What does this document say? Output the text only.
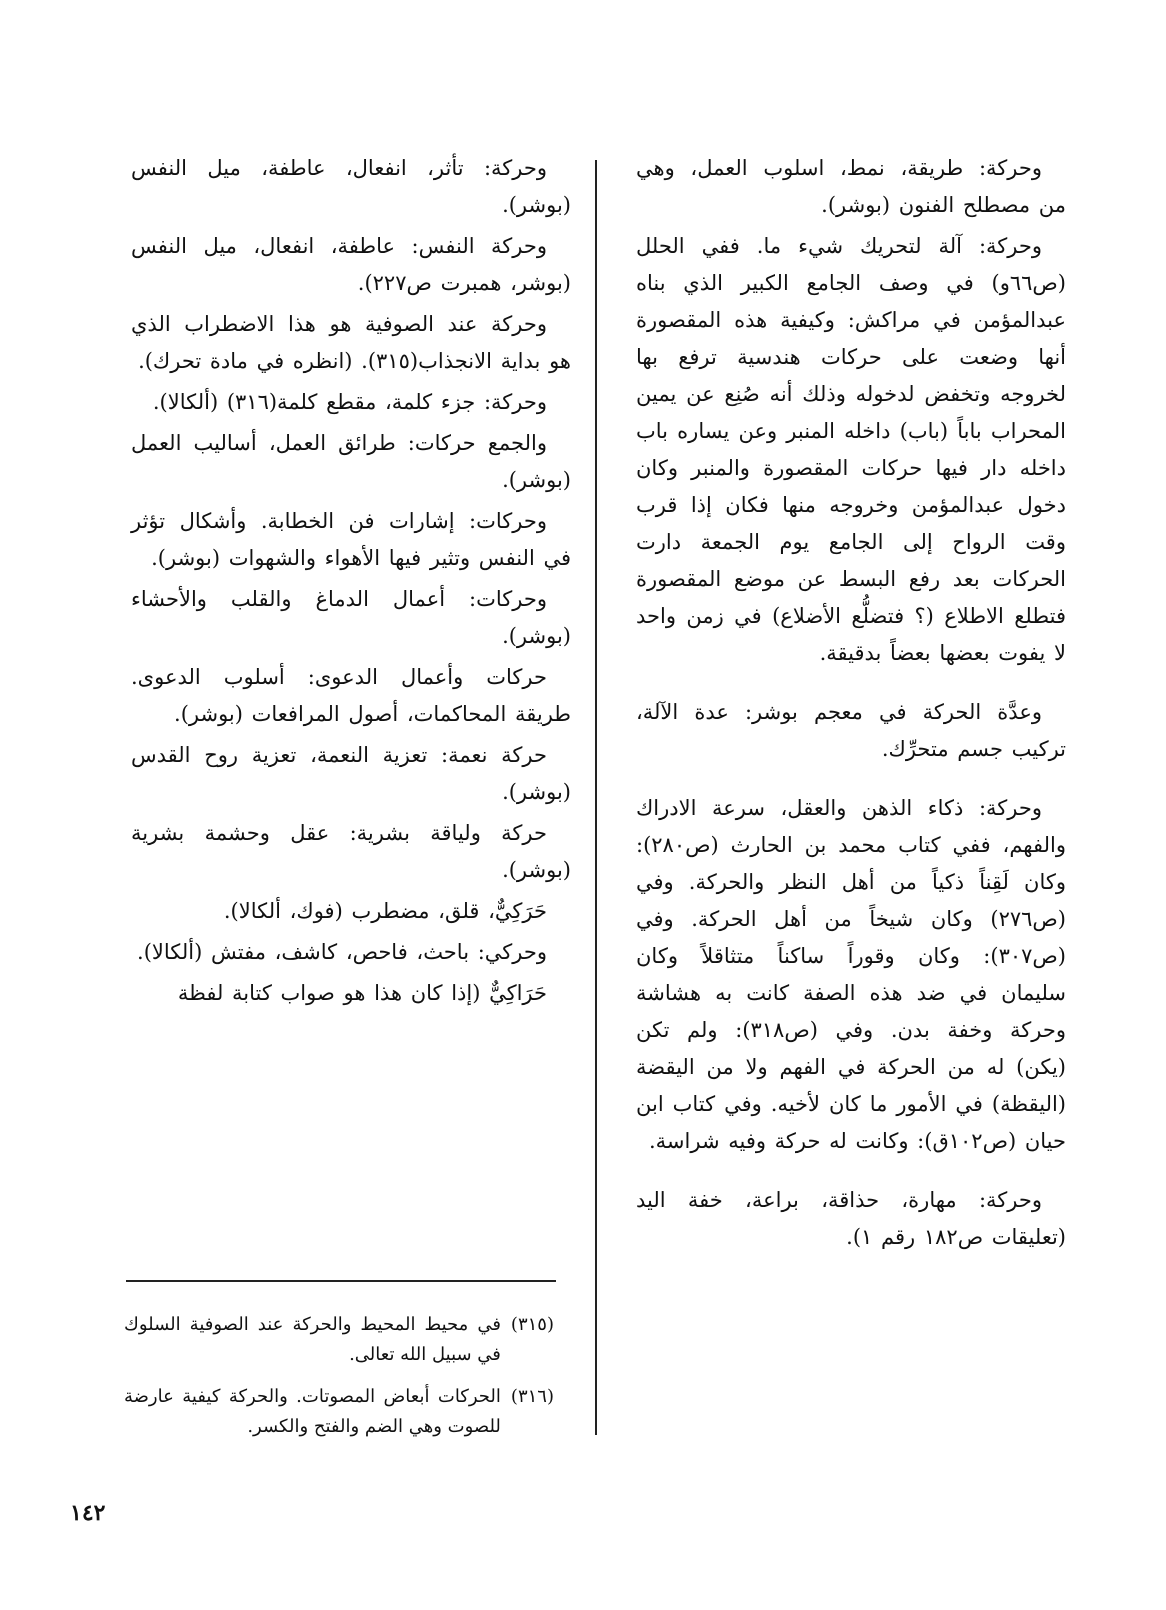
وحركة: طريقة، نمط، اسلوب العمل، وهي من مصطلح الفنون (بوشر).

وحركة: آلة لتحريك شيء ما. ففي الحلل (ص٦٦و) في وصف الجامع الكبير الذي بناه عبدالمؤمن في مراكش: وكيفية هذه المقصورة أنها وضعت على حركات هندسية ترفع بها لخروجه وتخفض لدخوله وذلك أنه صُنِع عن يمين المحراب باباً (باب) داخله المنبر وعن يساره باب داخله دار فيها حركات المقصورة والمنبر وكان دخول عبدالمؤمن وخروجه منها فكان إذا قرب وقت الرواح إلى الجامع يوم الجمعة دارت الحركات بعد رفع البسط عن موضع المقصورة فتطلع الاطلاع (؟ فتضلُّع الأضلاع) في زمن واحد لا يفوت بعضها بعضاً بدقيقة.

وعدَّة الحركة في معجم بوشر: عدة الآلة، تركيب جسم متحرِّك.

وحركة: ذكاء الذهن والعقل، سرعة الادراك والفهم، ففي كتاب محمد بن الحارث (ص٢٨٠): وكان لَقِناً ذكياً من أهل النظر والحركة. وفي (ص٢٧٦) وكان شيخاً من أهل الحركة. وفي (ص٣٠٧): وكان وقوراً ساكناً متثاقلاً وكان سليمان في ضد هذه الصفة كانت به هشاشة وحركة وخفة بدن. وفي (ص٣١٨): ولم تكن (يكن) له من الحركة في الفهم ولا من اليقضة (اليقظة) في الأمور ما كان لأخيه. وفي كتاب ابن حيان (ص١٠٢ق): وكانت له حركة وفيه شراسة.

وحركة: مهارة، حذاقة، براعة، خفة اليد (تعليقات ص١٨٢ رقم ١).

وحركة: تأثر، انفعال، عاطفة، ميل النفس (بوشر).

وحركة النفس: عاطفة، انفعال، ميل النفس (بوشر، همبرت ص٢٢٧).

وحركة عند الصوفية هو هذا الاضطراب الذي هو بداية الانجذاب(٣١٥). (انظره في مادة تحرك).

وحركة: جزء كلمة، مقطع كلمة(٣١٦) (ألكالا).

والجمع حركات: طرائق العمل، أساليب العمل (بوشر).

وحركات: إشارات فن الخطابة. وأشكال تؤثر في النفس وتثير فيها الأهواء والشهوات (بوشر).

وحركات: أعمال الدماغ والقلب والأحشاء (بوشر).

حركات وأعمال الدعوى: أسلوب الدعوى. طريقة المحاكمات، أصول المرافعات (بوشر).

حركة نعمة: تعزية النعمة، تعزية روح القدس (بوشر).

حركة ولياقة بشرية: عقل وحشمة بشرية (بوشر).

حَرَكِيٌّ، قلق، مضطرب (فوك، ألكالا).

وحركي: باحث، فاحص، كاشف، مفتش (ألكالا).

حَرَاكِيٌّ (إذا كان هذا هو صواب كتابة لفظة

(٣١٥)
في محيط المحيط والحركة عند الصوفية السلوك في سبيل الله تعالى.
(٣١٦)
الحركات أبعاض المصوتات. والحركة كيفية عارضة للصوت وهي الضم والفتح والكسر.
١٤٢
